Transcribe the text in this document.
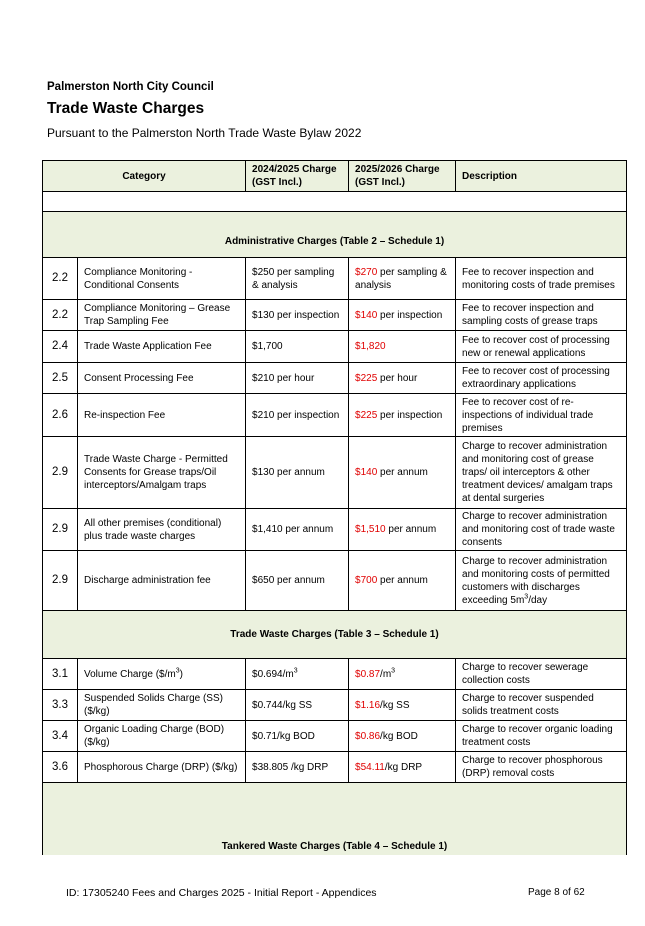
Palmerston North City Council
Trade Waste Charges
Pursuant to the Palmerston North Trade Waste Bylaw 2022
Category		2024/2025 Charge (GST Incl.)	2025/2026 Charge (GST Incl.)	Description

Administrative Charges (Table 2 – Schedule 1)				
2.2	Compliance Monitoring - Conditional Consents	$250 per sampling & analysis	$270 per sampling & analysis	Fee to recover inspection and monitoring costs of trade premises
2.2	Compliance Monitoring – Grease Trap Sampling Fee	$130 per inspection	$140 per inspection	Fee to recover inspection and sampling costs of grease traps
2.4	Trade Waste Application Fee	$1,700	$1,820	Fee to recover cost of processing new or renewal applications
2.5	Consent Processing Fee	$210 per hour	$225 per hour	Fee to recover cost of processing extraordinary applications
2.6	Re-inspection Fee	$210 per inspection	$225 per inspection	Fee to recover cost of re-inspections of individual trade premises
2.9	Trade Waste Charge - Permitted Consents for Grease traps/Oil interceptors/Amalgam traps	$130 per annum	$140 per annum	Charge to recover administration and monitoring cost of grease traps/ oil interceptors & other treatment devices/ amalgam traps at dental surgeries
2.9	All other premises (conditional) plus trade waste charges	$1,410 per annum	$1,510 per annum	Charge to recover administration and monitoring cost of trade waste consents
2.9	Discharge administration fee	$650 per annum	$700 per annum	Charge to recover administration and monitoring costs of permitted customers with discharges exceeding $5m^3$/day
Trade Waste Charges (Table 3 – Schedule 1)				
3.1	Volume Charge $(\$/m^3)$	$\$0.694/m^3$	$\$0.87/m^3$	Charge to recover sewerage collection costs
3.3	Suspended Solids Charge (SS) ($/kg)	$0.744/kg SS	$1.16/kg SS	Charge to recover suspended solids treatment costs
3.4	Organic Loading Charge (BOD) ($/kg)	$0.71/kg BOD	$0.86/kg BOD	Charge to recover organic loading treatment costs
3.6	Phosphorous Charge (DRP) ($/kg)	$38.805 /kg DRP	$54.11/kg DRP	Charge to recover phosphorous (DRP) removal costs
Tankered Waste Charges (Table 4 – Schedule 1)				
ID: 17305240 Fees and Charges 2025 - Initial Report - Appendices	Page 8 of 62
